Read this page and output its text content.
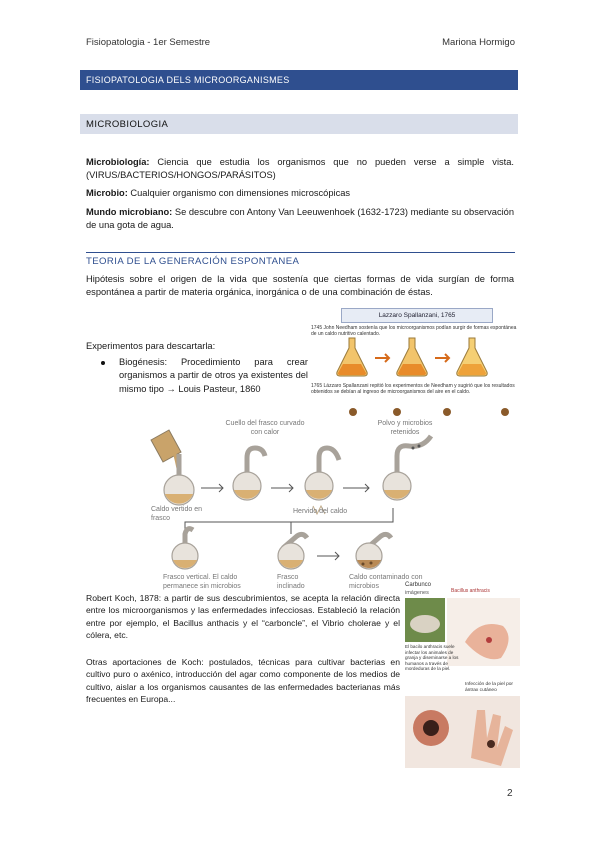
Fisiopatologia - 1er Semestre	Mariona Hormigo
FISIOPATOLOGIA DELS MICROORGANISMES
MICROBIOLOGIA
Microbiología: Ciencia que estudia los organismos que no pueden verse a simple vista. (VIRUS/BACTERIOS/HONGOS/PARÁSITOS)
Microbio: Cualquier organismo con dimensiones microscópicas
Mundo microbiano: Se descubre con Antony Van Leeuwenhoek (1632-1723) mediante su observación de una gota de agua.
TEORIA DE LA GENERACIÓN ESPONTANEA
Hipótesis sobre el origen de la vida que sostenía que ciertas formas de vida surgían de forma espontánea a partir de materia orgánica, inorgánica o de una combinación de éstas.
Experimentos para descartarla:
Biogénesis: Procedimiento para crear organismos a partir de otros ya existentes del mismo tipo → Louis Pasteur, 1860
Lazzaro Spallanzani, 1765
1745 John Needham sostenía que los microorganismos podían surgir de formas espontánea de un caldo nutritivo calentado.
1765 Lázzaro Spallanzani repitió los experimentos de Needham y sugirió que los resultados obtenidos se debían al ingreso de microorganismos del aire en el caldo.
Cuello del frasco curvado con calor
Polvo y microbios retenidos
Caldo vertido en frasco
Hervido del caldo
Frasco vertical. El caldo permanece sin microbios
Frasco inclinado
Caldo contaminado con microbios
Robert Koch, 1878: a partir de sus descubrimientos, se acepta la relación directa entre los microorganismos y las enfermedades infecciosas. Estableció la relación entre por ejemplo, el Bacillus anthacis y el “carboncle”, el Vibrio cholerae y el cólera, etc.
Otras aportaciones de Koch: postulados, técnicas para cultivar bacterias en cultivo puro o axénico, introducción del agar como componente de los medios de cultivo, aislar a los organismos causantes de las enfermedades bacterianas más frecuentes en Europa...
Carbunco
imágenes	Bacillus anthracis
El bacilo anthracis suele infectar los animales de granja y diseminarse a los humanos a través de mordeduras de la piel.
Infección de la piel por ántrax cutáneo
2
